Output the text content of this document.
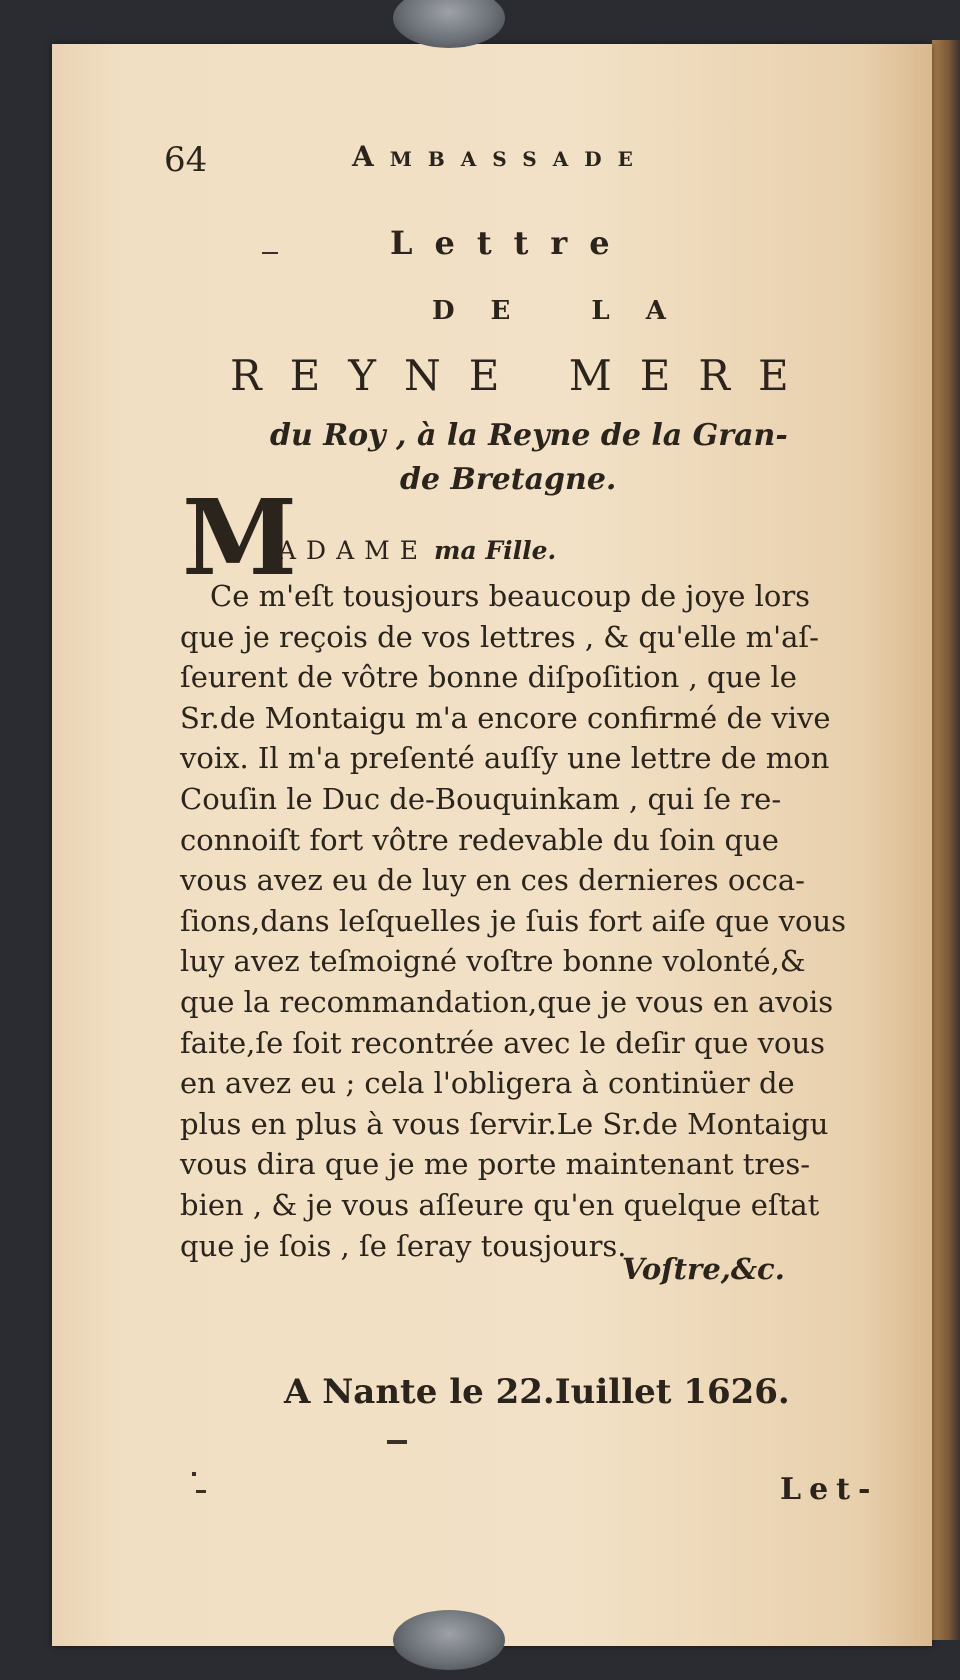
64	Ambassade

Lettre

DE LA

REYNE MERE

du Roy , à la Reyne de la Gran-

de Bretagne.

M

ADAME ma Fille.

Ce m'eſt tousjours beaucoup de joye lors
que je reçois de vos lettres , & qu'elle m'aſ-
ſeurent de vôtre bonne diſpoſition , que le
Sr.de Montaigu m'a encore confirmé de vive
voix. Il m'a preſenté auſſy une lettre de mon
Couſin le Duc de-Bouquinkam , qui ſe re-
connoiſt fort vôtre redevable du ſoin que
vous avez eu de luy en ces dernieres occa-
ſions,dans leſquelles je ſuis fort aiſe que vous
luy avez teſmoigné voſtre bonne volonté,&
que la recommandation,que je vous en avois
faite,ſe ſoit recontrée avec le deſir que vous
en avez eu ; cela l'obligera à continüer de
plus en plus à vous ſervir.Le Sr.de Montaigu
vous dira que je me porte maintenant tres-
bien , & je vous aſſeure qu'en quelque eſtat
que je ſois , ſe ſeray tousjours.

Voſtre,&c.

A Nante le 22.Iuillet 1626.

Let-
